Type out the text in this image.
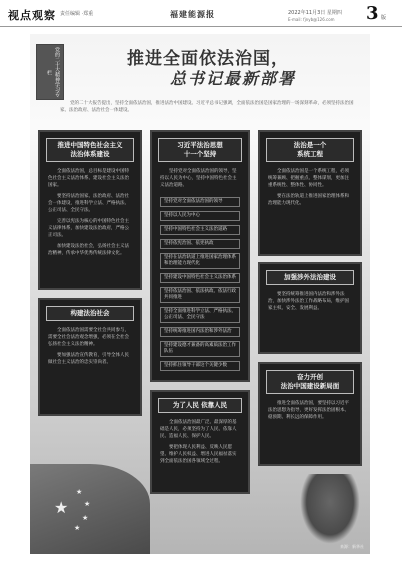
视点观察 责任编辑 ·郑重	福建能源报	2022年11月3日 星期四
E-mail: fjnyb@126.com 3 版
党的二十大精神学习专栏
推进全面依法治国，
总书记最新部署
党的二十大报告提出，坚持全面依法治国，推进法治中国建设。习近平总书记强调，全面依法治国是国家治理的一场深刻革命，必须坚持法治国家、法治政府、法治社会一体建设。
推进中国特色社会主义
法治体系建设

全面依法治国，总目标是建设中国特色社会主义法治体系、建设社会主义法治国家。

要坚持法治国家、法治政府、法治社会一体建设，推进科学立法、严格执法、公正司法、全民守法。

完善以宪法为核心的中国特色社会主义法律体系，加快建设法治政府，严格公正司法。

加快建设法治社会，弘扬社会主义法治精神，传承中华优秀传统法律文化。

构建法治社会

全面依法治国需要全社会共同参与，需要全社会法治观念增强，必须在全社会弘扬社会主义法治精神。

要加强法治宣传教育，引导全体人民做社会主义法治的忠实崇尚者。

习近平法治思想
十一个坚持

坚持党对全面依法治国的领导，坚持以人民为中心，坚持中国特色社会主义法治道路。

坚持党对全面依法治国的领导
坚持以人民为中心
坚持中国特色社会主义法治道路
坚持依宪治国、依宪执政
坚持在法治轨道上推进国家治理体系和治理能力现代化
坚持建设中国特色社会主义法治体系
坚持依法治国、依法执政、依法行政共同推进
坚持全面推进科学立法、严格执法、公正司法、全民守法
坚持统筹推进国内法治和涉外法治
坚持建设德才兼备的高素质法治工作队伍
坚持抓住领导干部这个关键少数
为了人民 依靠人民

全面依法治国最广泛、最深厚的基础是人民，必须坚持为了人民、依靠人民、造福人民、保护人民。

要把体现人民利益、反映人民愿望、维护人民权益、增进人民福祉落实到全面依法治国各领域全过程。

法治是一个
系统工程

全面依法治国是一个系统工程，必须统筹兼顾、把握重点、整体谋划，更加注重系统性、整体性、协同性。

要在法治轨道上推进国家治理体系和治理能力现代化。

加强涉外法治建设

要坚持统筹推进国内法治和涉外法治，加快涉外法治工作战略布局，维护国家主权、安全、发展利益。

奋力开创
法治中国建设新局面

推进全面依法治国，要坚持以习近平法治思想为指导，更好发挥法治固根本、稳预期、利长远的保障作用。

★
★
★
★
★
来源：新华社
